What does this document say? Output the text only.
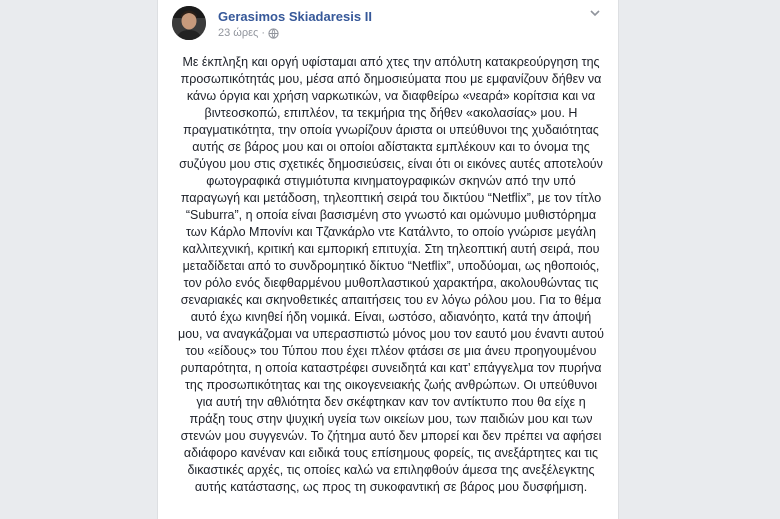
Gerasimos Skiadaresis II
23 ώρες ·
Με έκπληξη και οργή υφίσταμαι από χτες την απόλυτη κατακρεούργηση της προσωπικότητάς μου, μέσα από δημοσιεύματα που με εμφανίζουν δήθεν να κάνω όργια και χρήση ναρκωτικών, να διαφθείρω «νεαρά» κορίτσια και να βιντεοσκοπώ, επιπλέον, τα τεκμήρια της δήθεν «ακολασίας» μου. Η πραγματικότητα, την οποία γνωρίζουν άριστα οι υπεύθυνοι της χυδαιότητας αυτής σε βάρος μου και οι οποίοι αδίστακτα εμπλέκουν και το όνομα της συζύγου μου στις σχετικές δημοσιεύσεις, είναι ότι οι εικόνες αυτές αποτελούν φωτογραφικά στιγμιότυπα κινηματογραφικών σκηνών από την υπό παραγωγή και μετάδοση, τηλεοπτική σειρά του δικτύου “Netflix”, με τον τίτλο “Suburra”, η οποία είναι βασισμένη στο γνωστό και ομώνυμο μυθιστόρημα των Κάρλο Μπονίνι και Τζανκάρλο ντε Κατάλντο, το οποίο γνώρισε μεγάλη καλλιτεχνική, κριτική και εμπορική επιτυχία. Στη τηλεοπτική αυτή σειρά, που μεταδίδεται από το συνδρομητικό δίκτυο “Netflix”, υποδύομαι, ως ηθοποιός, τον ρόλο ενός διεφθαρμένου μυθοπλαστικού χαρακτήρα, ακολουθώντας τις σεναριακές και σκηνοθετικές απαιτήσεις του εν λόγω ρόλου μου. Για το θέμα αυτό έχω κινηθεί ήδη νομικά. Είναι, ωστόσο, αδιανόητο, κατά την άποψή μου, να αναγκάζομαι να υπερασπιστώ μόνος μου τον εαυτό μου έναντι αυτού του «είδους» του Τύπου που έχει πλέον φτάσει σε μια άνευ προηγουμένου ρυπαρότητα, η οποία καταστρέφει συνειδητά και κατ’ επάγγελμα τον πυρήνα της προσωπικότητας και της οικογενειακής ζωής ανθρώπων. Οι υπεύθυνοι για αυτή την αθλιότητα δεν σκέφτηκαν καν τον αντίκτυπο που θα είχε η πράξη τους στην ψυχική υγεία των οικείων μου, των παιδιών μου και των στενών μου συγγενών. Το ζήτημα αυτό δεν μπορεί και δεν πρέπει να αφήσει αδιάφορο κανέναν και ειδικά τους επίσημους φορείς, τις ανεξάρτητες και τις δικαστικές αρχές, τις οποίες καλώ να επιληφθούν άμεσα της ανεξέλεγκτης αυτής κατάστασης, ως προς τη συκοφαντική σε βάρος μου δυσφήμιση.
